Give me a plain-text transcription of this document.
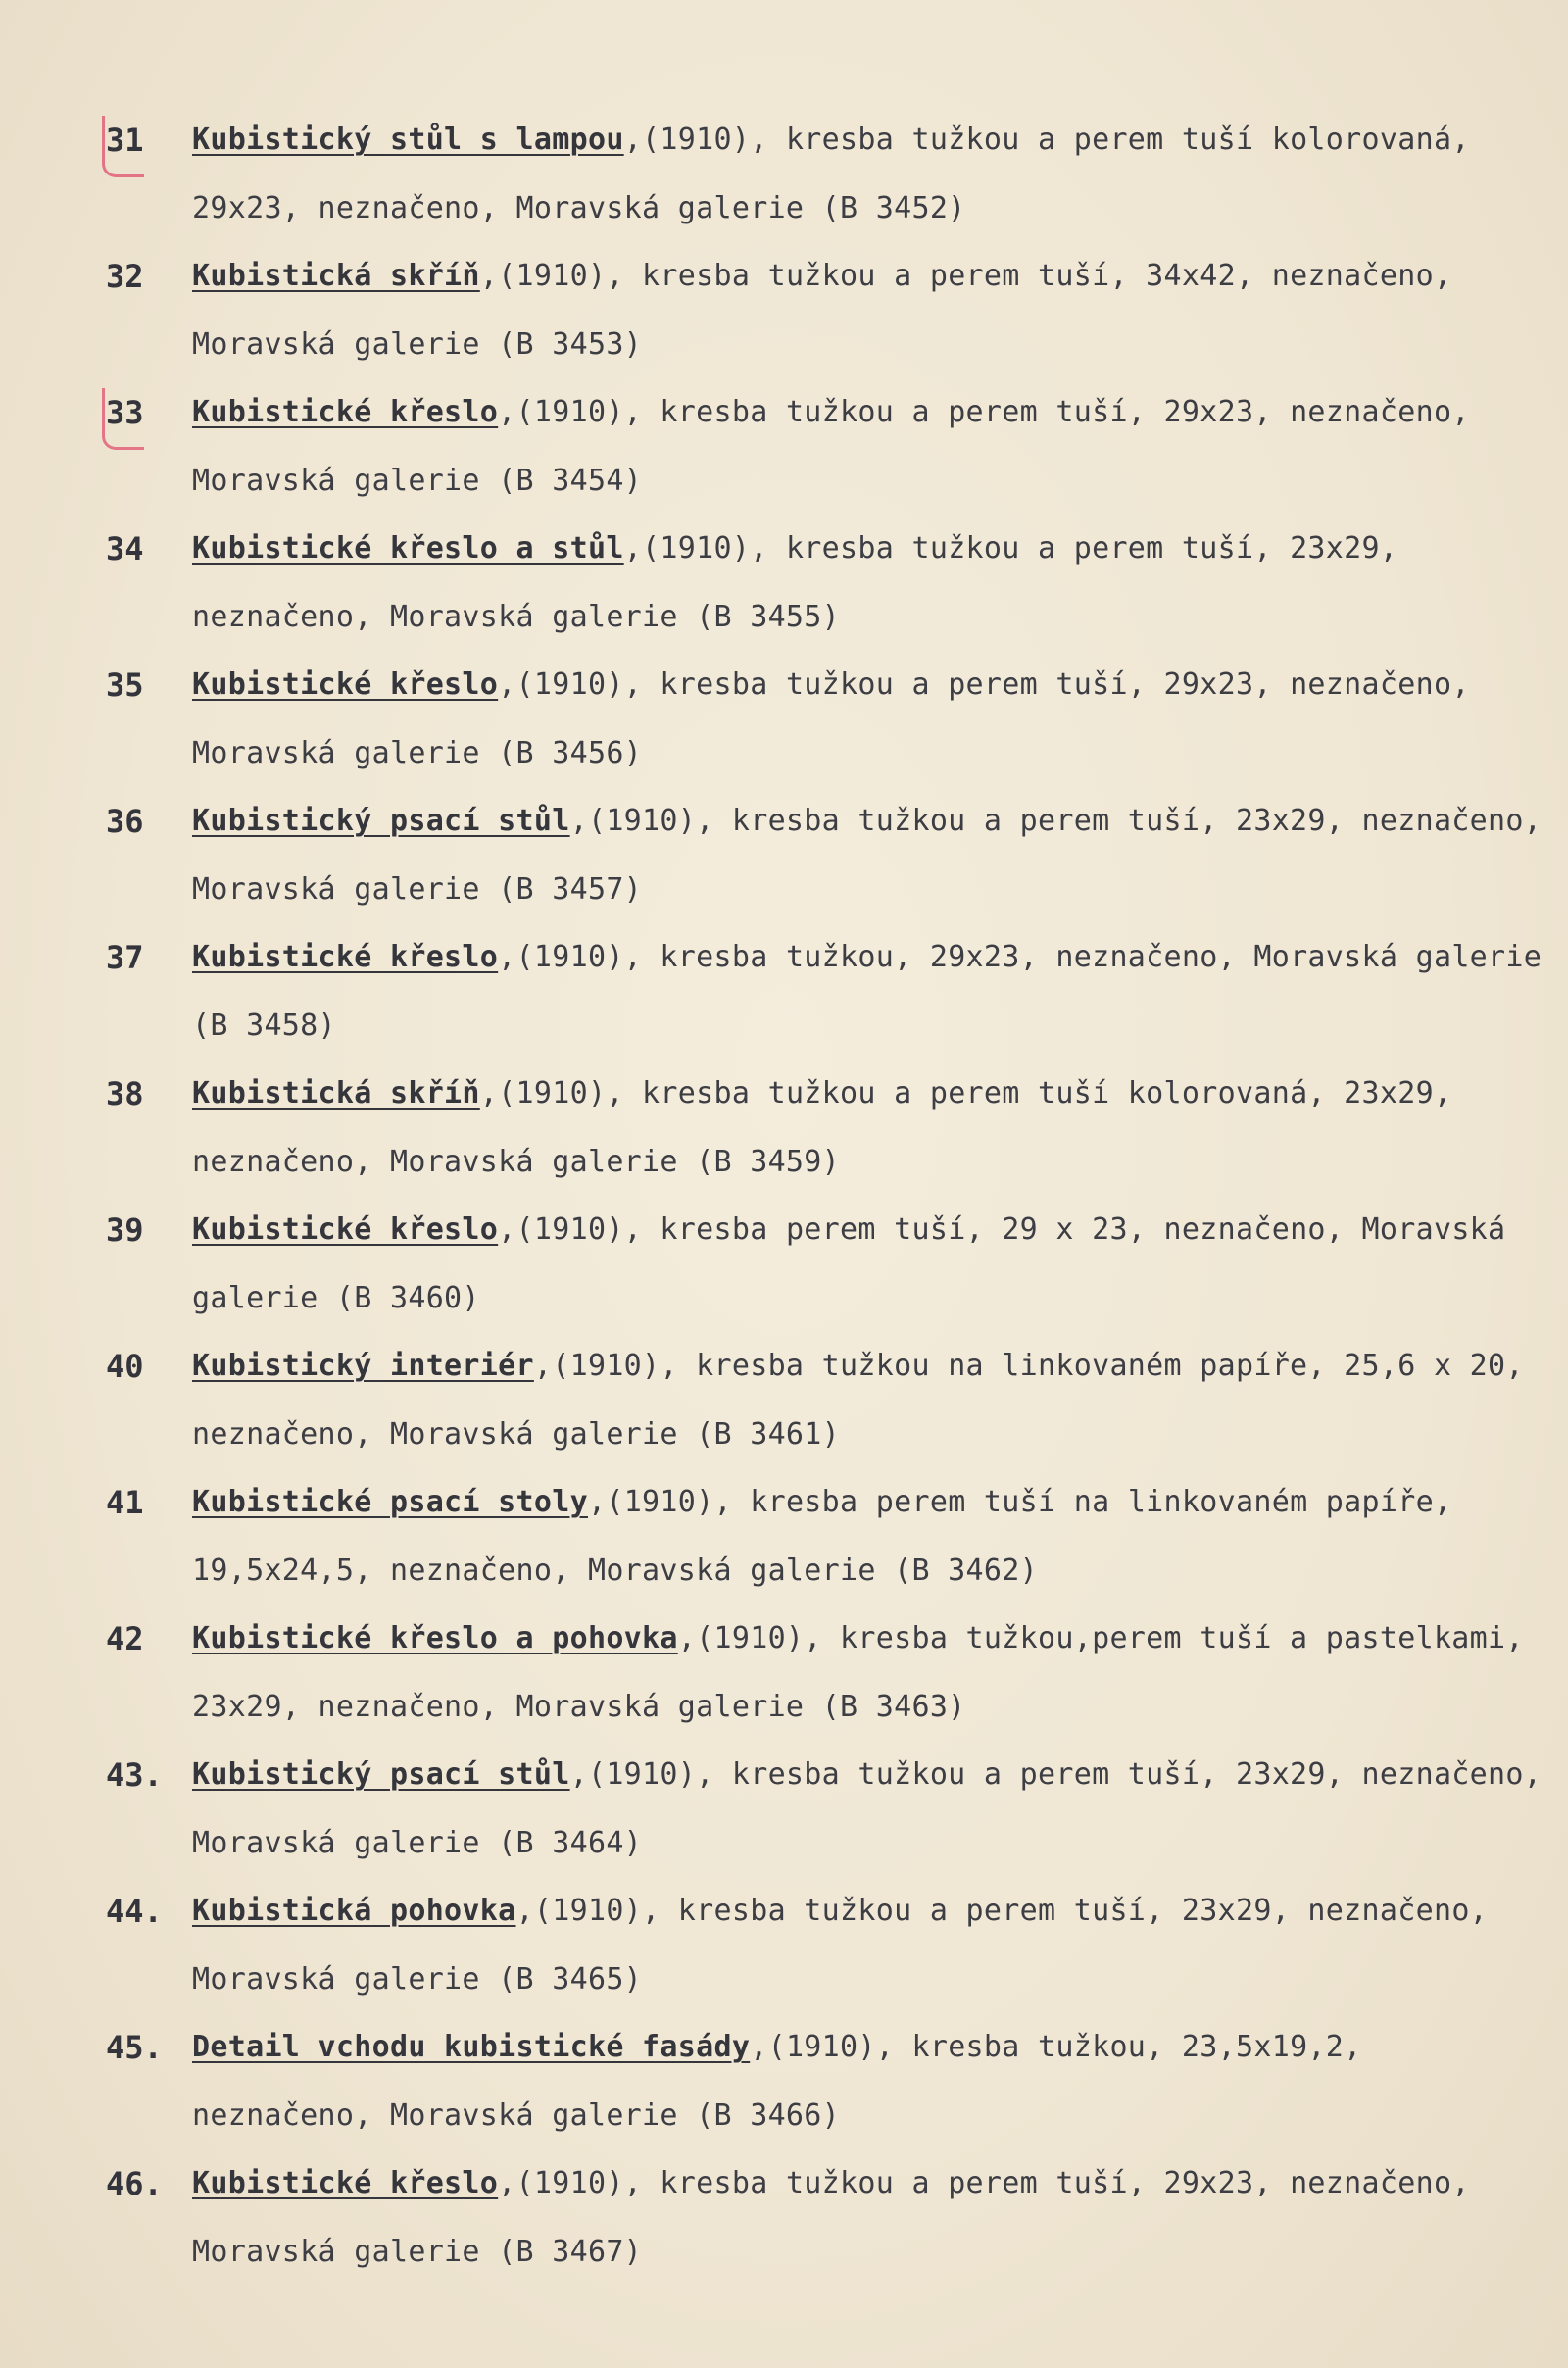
31	Kubistický stůl s lampou,(1910), kresba tužkou a perem tuší kolorovaná, 29x23, neznačeno, Moravská galerie (B 3452)
32	Kubistická skříň,(1910), kresba tužkou a perem tuší, 34x42, neznačeno, Moravská galerie (B 3453)
33	Kubistické křeslo,(1910), kresba tužkou a perem tuší, 29x23, neznačeno, Moravská galerie (B 3454)
34	Kubistické křeslo a stůl,(1910), kresba tužkou a perem tuší, 23x29, neznačeno, Moravská galerie (B 3455)
35	Kubistické křeslo,(1910), kresba tužkou a perem tuší, 29x23, neznačeno, Moravská galerie (B 3456)
36	Kubistický psací stůl,(1910), kresba tužkou a perem tuší, 23x29, neznačeno, Moravská galerie (B 3457)
37	Kubistické křeslo,(1910), kresba tužkou, 29x23, neznačeno, Moravská galerie (B 3458)
38	Kubistická skříň,(1910), kresba tužkou a perem tuší kolorovaná, 23x29, neznačeno, Moravská galerie (B 3459)
39	Kubistické křeslo,(1910), kresba perem tuší, 29 x 23, neznačeno, Moravská galerie (B 3460)
40	Kubistický interiér,(1910), kresba tužkou na linkovaném papíře, 25,6 x 20, neznačeno, Moravská galerie (B 3461)
41	Kubistické psací stoly,(1910), kresba perem tuší na linkovaném papíře, 19,5x24,5, neznačeno, Moravská galerie (B 3462)
42	Kubistické křeslo a pohovka,(1910), kresba tužkou,perem tuší a pastelkami, 23x29, neznačeno, Moravská galerie (B 3463)
43.	Kubistický psací stůl,(1910), kresba tužkou a perem tuší, 23x29, neznačeno, Moravská galerie (B 3464)
44.	Kubistická pohovka,(1910), kresba tužkou a perem tuší, 23x29, neznačeno, Moravská galerie (B 3465)
45.	Detail vchodu kubistické fasády,(1910), kresba tužkou, 23,5x19,2, neznačeno, Moravská galerie (B 3466)
46.	Kubistické křeslo,(1910), kresba tužkou a perem tuší, 29x23, neznačeno, Moravská galerie (B 3467)
